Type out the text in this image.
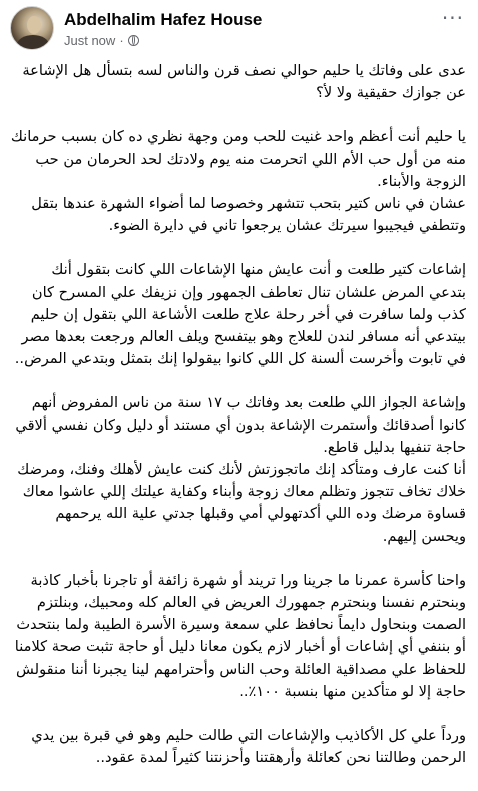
Abdelhalim Hafez House
Just now ·
···

عدى على وفاتك يا حليم حوالي نصف قرن والناس لسه بتسأل هل الإشاعة عن جوازك حقيقية ولا لأ؟

يا حليم أنت أعظم واحد غنيت للحب ومن وجهة نظري ده كان بسبب حرمانك منه من أول حب الأم اللي اتحرمت منه يوم ولادتك لحد الحرمان من حب الزوجة والأبناء.
عشان في ناس كتير بتحب تتشهر وخصوصا لما أضواء الشهرة عندها بتقل وتتطفي فيجيبوا سيرتك عشان يرجعوا تاني في دايرة الضوء.

إشاعات كتير طلعت و أنت عايش منها الإشاعات اللي كانت بتقول أنك بتدعي المرض علشان تنال تعاطف الجمهور وإن نزيفك علي المسرح كان كذب ولما سافرت في أخر رحلة علاج طلعت الأشاعة اللي بتقول إن حليم بيتدعي أنه مسافر لندن للعلاج وهو بيتفسح ويلف العالم ورجعت بعدها مصر في تابوت وأخرست ألسنة كل اللي كانوا بيقولوا إنك بتمثل وبتدعي المرض..

وإشاعة الجواز اللي طلعت بعد وفاتك ب ١٧ سنة من ناس المفروض أنهم كانوا أصدقائك وأستمرت الإشاعة بدون أي مستند أو دليل وكان نفسي ألاقي حاجة تنفيها بدليل قاطع.
أنا كنت عارف ومتأكد إنك ماتجوزتش لأنك كنت عايش لأهلك وفنك، ومرضك خلاك تخاف تتجوز وتظلم معاك زوجة وأبناء وكفاية عيلتك إللي عاشوا معاك قساوة مرضك وده اللي أكدتهولي أمي وقبلها جدتي علية الله يرحمهم ويحسن إليهم.

واحنا كأسرة عمرنا ما جرينا ورا تريند أو شهرة زائفة أو تاجرنا بأخبار كاذبة وبنحترم نفسنا وبنحترم جمهورك العريض في العالم كله ومحبيك، وبنلتزم الصمت وبنحاول دايماً نحافظ علي سمعة وسيرة الأسرة الطيبة ولما بنتحدث أو بننفي أي إشاعات أو أخبار لازم يكون معانا دليل أو حاجة تثبت صحة كلامنا للحفاظ علي مصداقية العائلة وحب الناس وأحترامهم لينا يجبرنا أننا منقولش حاجة إلا لو متأكدين منها بنسبة ١٠٠٪..

ورداً علي كل الأكاذيب والإشاعات التي طالت حليم وهو في قبرة بين يدي الرحمن وطالتنا نحن كعائلة وأرهقتنا وأحزنتنا كثيراً لمدة عقود..
